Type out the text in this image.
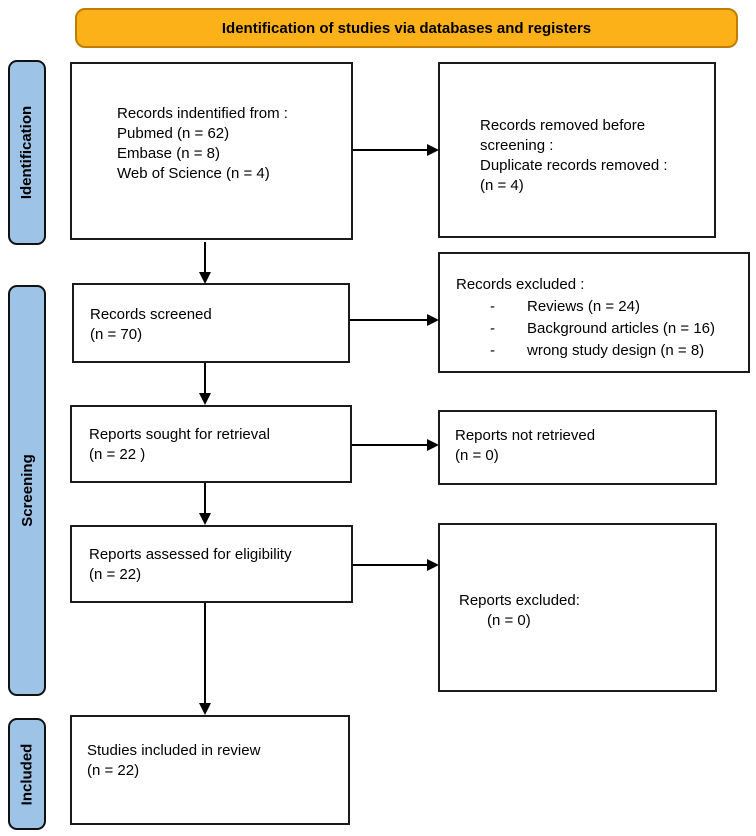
Identification of studies via databases and registers
Identification
Screening
Included
Records indentified from :
Pubmed (n = 62)
Embase (n = 8)
Web of Science (n = 4)
Records removed before
screening :
Duplicate records removed :
(n = 4)
Records screened
(n = 70)
Records excluded :
-	Reviews (n = 24)
-	Background articles (n = 16)
-	wrong study design (n = 8)
Reports sought for retrieval
(n = 22 )
Reports not retrieved
(n = 0)
Reports assessed for eligibility
(n = 22)
Reports excluded:
(n = 0)
Studies included in review
(n = 22)
